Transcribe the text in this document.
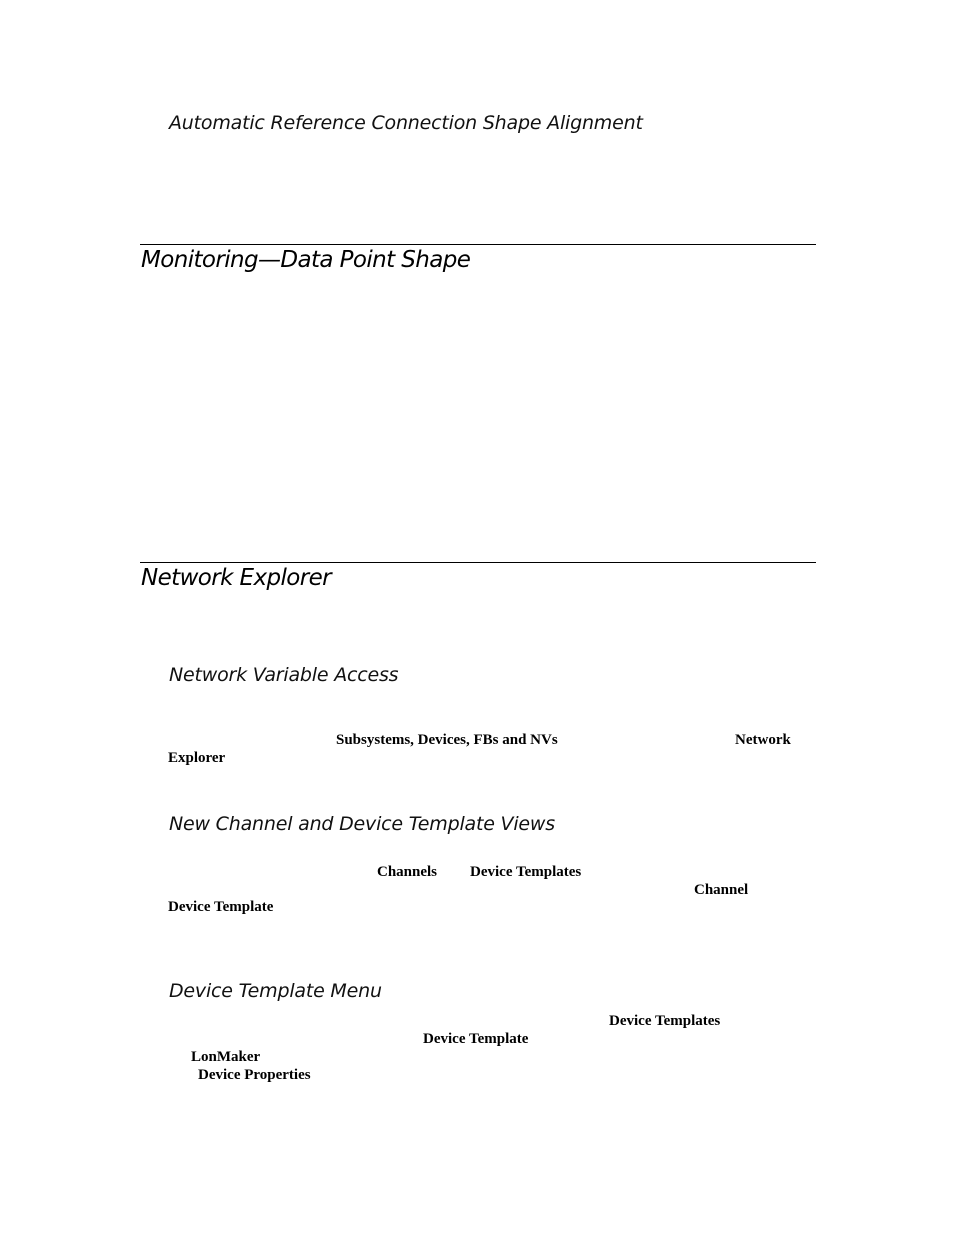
Automatic Reference Connection Shape Alignment
Monitoring—Data Point Shape
Network Explorer
Network Variable Access
Subsystems, Devices, FBs and NVs	Network
Explorer
New Channel and Device Template Views
Channels Device Templates
Channel
Device Template
Device Template Menu
Device Templates
Device Template
LonMaker
Device Properties
